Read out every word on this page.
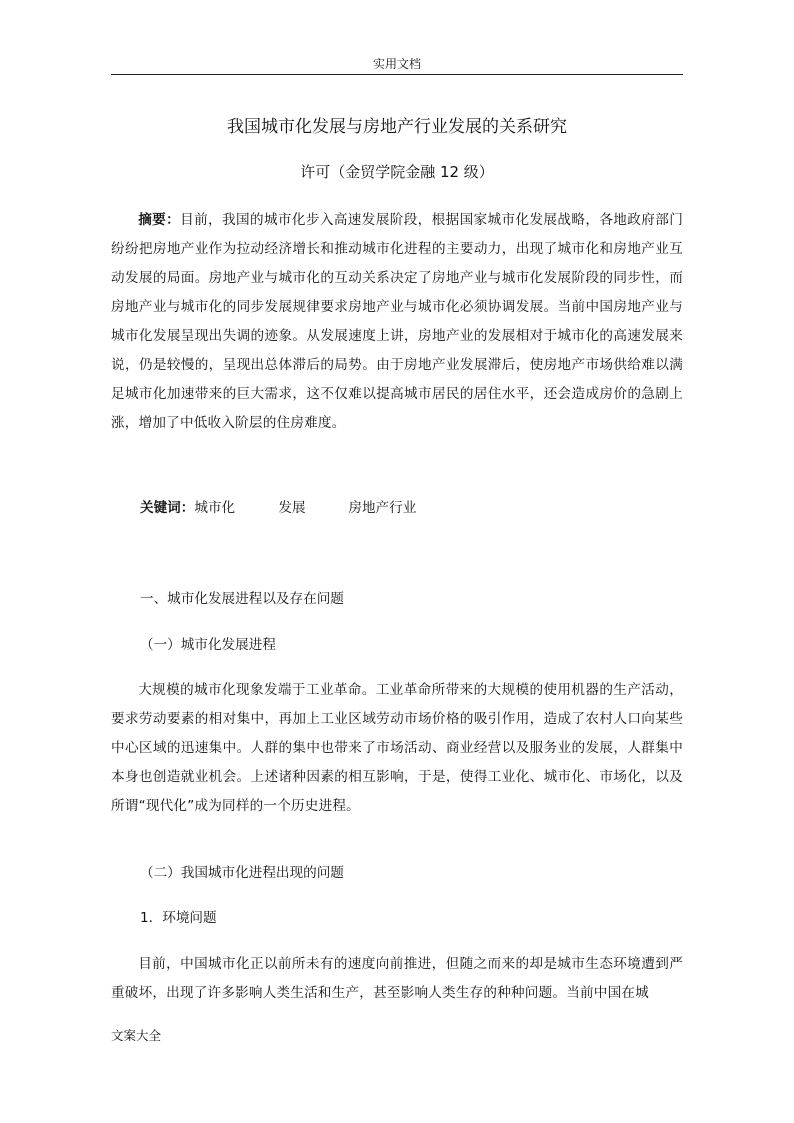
实用文档
我国城市化发展与房地产行业发展的关系研究
许可（金贸学院金融 12 级）
摘要：目前，我国的城市化步入高速发展阶段，根据国家城市化发展战略，各地政府部门纷纷把房地产业作为拉动经济增长和推动城市化进程的主要动力，出现了城市化和房地产业互动发展的局面。房地产业与城市化的互动关系决定了房地产业与城市化发展阶段的同步性，而房地产业与城市化的同步发展规律要求房地产业与城市化必须协调发展。当前中国房地产业与城市化发展呈现出失调的迹象。从发展速度上讲，房地产业的发展相对于城市化的高速发展来说，仍是较慢的，呈现出总体滞后的局势。由于房地产业发展滞后，使房地产市场供给难以满足城市化加速带来的巨大需求，这不仅难以提高城市居民的居住水平，还会造成房价的急剧上涨，增加了中低收入阶层的住房难度。
关键词：城市化	发展	房地产行业
一、城市化发展进程以及存在问题
（一）城市化发展进程
大规模的城市化现象发端于工业革命。工业革命所带来的大规模的使用机器的生产活动，要求劳动要素的相对集中，再加上工业区域劳动市场价格的吸引作用，造成了农村人口向某些中心区域的迅速集中。人群的集中也带来了市场活动、商业经营以及服务业的发展，人群集中本身也创造就业机会。上述诸种因素的相互影响，于是，使得工业化、城市化、市场化，以及所谓“现代化”成为同样的一个历史进程。
（二）我国城市化进程出现的问题
1．环境问题
目前，中国城市化正以前所未有的速度向前推进，但随之而来的却是城市生态环境遭到严重破坏，出现了许多影响人类生活和生产，甚至影响人类生存的种种问题。当前中国在城
文案大全
